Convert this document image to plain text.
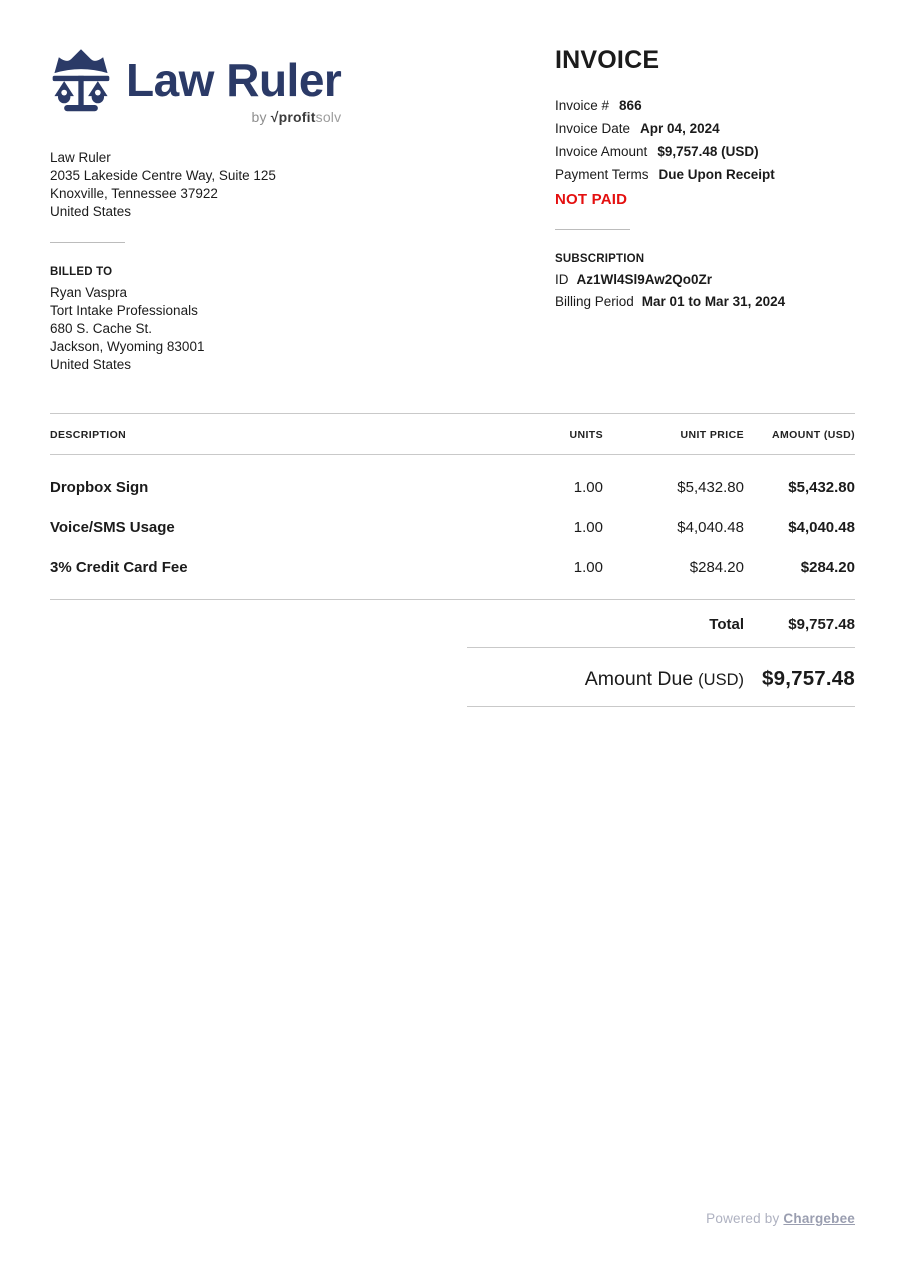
Law Ruler
by √profitsolv
Law Ruler
2035 Lakeside Centre Way, Suite 125
Knoxville, Tennessee 37922
United States
BILLED TO
Ryan Vaspra
Tort Intake Professionals
680 S. Cache St.
Jackson, Wyoming 83001
United States
INVOICE
Invoice # 866
Invoice Date Apr 04, 2024
Invoice Amount $9,757.48 (USD)
Payment Terms Due Upon Receipt
NOT PAID
SUBSCRIPTION
ID Az1Wl4Sl9Aw2Qo0Zr
Billing Period Mar 01 to Mar 31, 2024
DESCRIPTION	UNITS	UNIT PRICE	AMOUNT (USD)
Dropbox Sign	1.00	$5,432.80	$5,432.80
Voice/SMS Usage	1.00	$4,040.48	$4,040.48
3% Credit Card Fee	1.00	$284.20	$284.20
Total	$9,757.48
Amount Due (USD) $9,757.48
Powered by Chargebee
